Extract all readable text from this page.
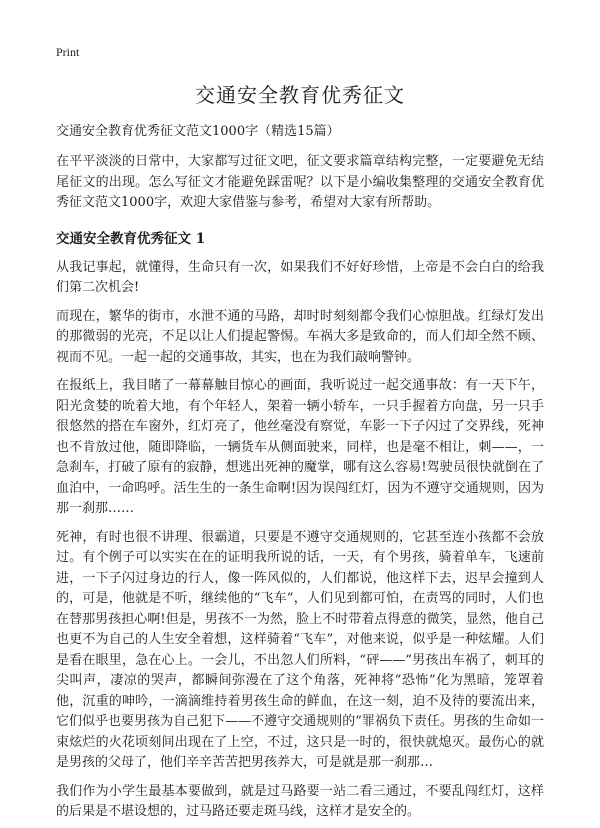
Print
交通安全教育优秀征文

交通安全教育优秀征文范文1000字（精选15篇）

在平平淡淡的日常中，大家都写过征文吧，征文要求篇章结构完整，一定要避免无结尾征文的出现。怎么写征文才能避免踩雷呢？以下是小编收集整理的交通安全教育优秀征文范文1000字，欢迎大家借鉴与参考，希望对大家有所帮助。

交通安全教育优秀征文 1

从我记事起，就懂得，生命只有一次，如果我们不好好珍惜，上帝是不会白白的给我们第二次机会!

而现在，繁华的街市，水泄不通的马路，却时时刻刻都令我们心惊胆战。红绿灯发出的那微弱的光亮，不足以让人们提起警惕。车祸大多是致命的，而人们却全然不顾、视而不见。一起一起的交通事故，其实，也在为我们敲响警钟。

在报纸上，我目睹了一幕幕触目惊心的画面，我听说过一起交通事故：有一天下午，阳光贪婪的吮着大地，有个年轻人，架着一辆小轿车，一只手握着方向盘，另一只手很悠然的搭在车窗外，红灯亮了，他丝毫没有察觉，车影一下子闪过了交界线，死神也不肯放过他，随即降临，一辆货车从侧面驶来，同样，也是毫不相让，刺——，一急刹车，打破了原有的寂静，想逃出死神的魔掌，哪有这么容易!驾驶员很快就倒在了血泊中，一命呜呼。活生生的一条生命啊!因为误闯红灯，因为不遵守交通规则，因为那一刹那……

死神，有时也很不讲理、很霸道，只要是不遵守交通规则的，它甚至连小孩都不会放过。有个例子可以实实在在的证明我所说的话，一天，有个男孩，骑着单车，飞速前进，一下子闪过身边的行人，像一阵风似的，人们都说，他这样下去，迟早会撞到人的，可是，他就是不听，继续他的“飞车”，人们见到都可怕，在责骂的同时，人们也在替那男孩担心啊!但是，男孩不一为然，脸上不时带着点得意的微笑，显然，他自己也更不为自己的人生安全着想，这样骑着“飞车”，对他来说，似乎是一种炫耀。人们是看在眼里，急在心上。一会儿，不出忽人们所料，“砰——”男孩出车祸了，刺耳的尖叫声，凄凉的哭声，都瞬间弥漫在了这个角落，死神将“恐怖”化为黑暗，笼罩着他，沉重的呻吟，一滴滴维持着男孩生命的鲜血，在这一刻，迫不及待的要流出来，它们似乎也要男孩为自己犯下——不遵守交通规则的”罪祸负下责任。男孩的生命如一束炫烂的火花顷刻间出现在了上空，不过，这只是一时的，很快就熄灭。最伤心的就是男孩的父母了，他们辛辛苦苦把男孩养大，可是就是那一刹那…

我们作为小学生最基本要做到，就是过马路要一站二看三通过，不要乱闯红灯，这样的后果是不堪设想的，过马路还要走斑马线，这样才是安全的。
